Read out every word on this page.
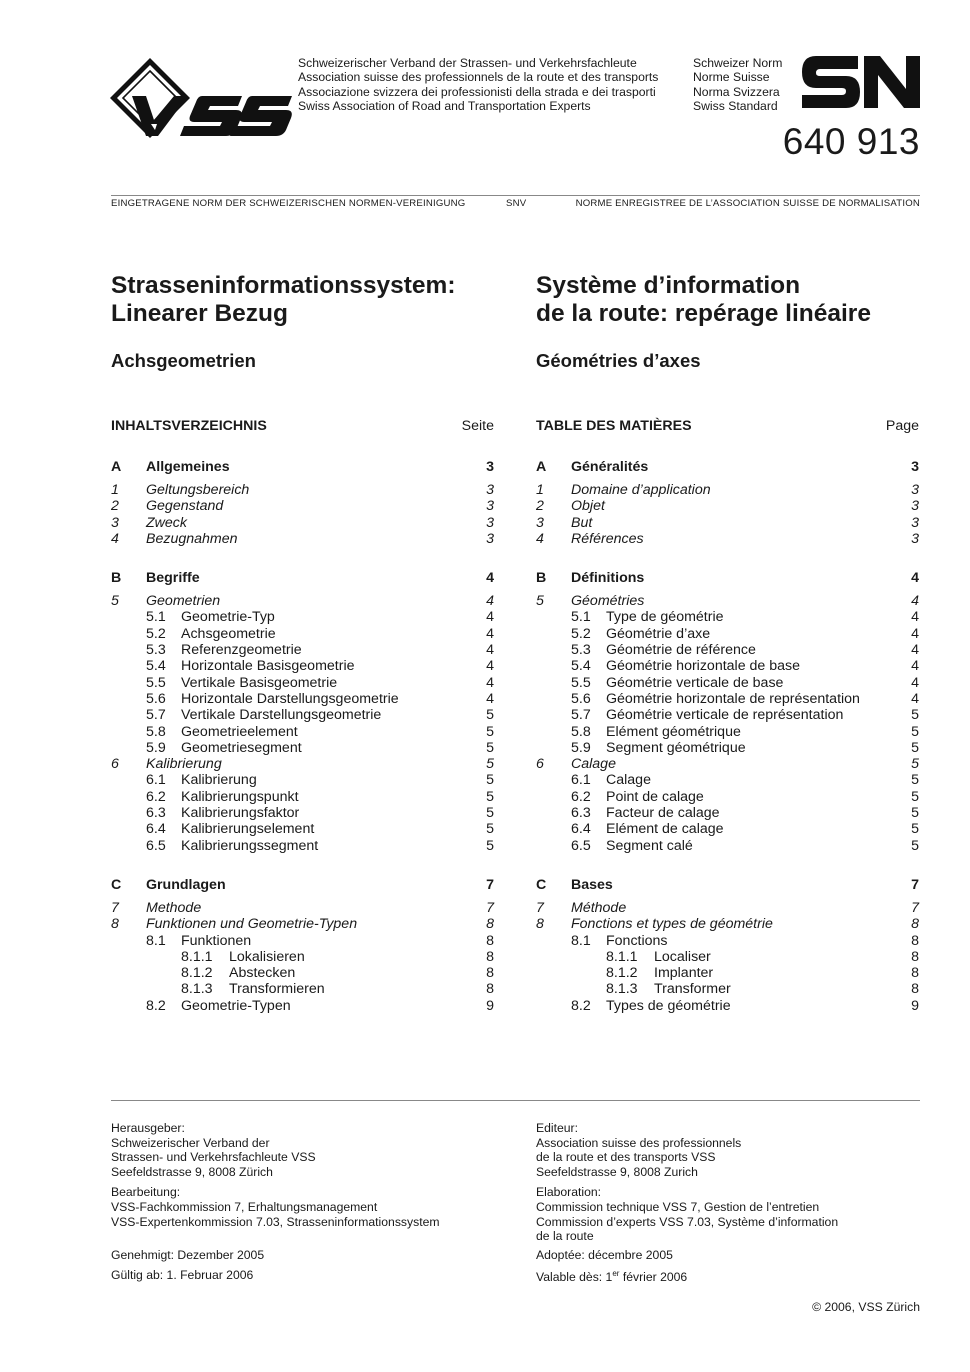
Schweizerischer Verband der Strassen- und Verkehrsfachleute
Association suisse des professionnels de la route et des transports
Associazione svizzera dei professionisti della strada e dei trasporti
Swiss Association of Road and Transportation Experts
Schweizer Norm
Norme Suisse
Norma Svizzera
Swiss Standard
640 913
EINGETRAGENE NORM DER SCHWEIZERISCHEN NORMEN-VEREINIGUNG	SNV	NORME ENREGISTREE DE L’ASSOCIATION SUISSE DE NORMALISATION
Strasseninformationssystem:
Linearer Bezug
Système d’information
de la route: repérage linéaire
Achsgeometrien	Géométries d’axes
INHALTSVERZEICHNIS	Seite
A	Allgemeines	3
1	Geltungsbereich	3
2	Gegenstand	3
3	Zweck	3
4	Bezugnahmen	3
B	Begriffe	4
5	Geometrien	4
5.1	Geometrie-Typ	4
5.2	Achsgeometrie	4
5.3	Referenzgeometrie	4
5.4	Horizontale Basisgeometrie	4
5.5	Vertikale Basisgeometrie	4
5.6	Horizontale Darstellungsgeometrie	4
5.7	Vertikale Darstellungsgeometrie	5
5.8	Geometrieelement	5
5.9	Geometriesegment	5
6	Kalibrierung	5
6.1	Kalibrierung	5
6.2	Kalibrierungspunkt	5
6.3	Kalibrierungsfaktor	5
6.4	Kalibrierungselement	5
6.5	Kalibrierungssegment	5
C	Grundlagen	7
7	Methode	7
8	Funktionen und Geometrie-Typen	8
8.1	Funktionen	8
8.1.1	Lokalisieren	8
8.1.2	Abstecken	8
8.1.3	Transformieren	8
8.2	Geometrie-Typen	9
TABLE DES MATIÈRES	Page
A	Généralités	3
1	Domaine d’application	3
2	Objet	3
3	But	3
4	Références	3
B	Définitions	4
5	Géométries	4
5.1	Type de géométrie	4
5.2	Géométrie d’axe	4
5.3	Géométrie de référence	4
5.4	Géométrie horizontale de base	4
5.5	Géométrie verticale de base	4
5.6	Géométrie horizontale de représentation	4
5.7	Géométrie verticale de représentation	5
5.8	Elément géométrique	5
5.9	Segment géométrique	5
6	Calage	5
6.1	Calage	5
6.2	Point de calage	5
6.3	Facteur de calage	5
6.4	Elément de calage	5
6.5	Segment calé	5
C	Bases	7
7	Méthode	7
8	Fonctions et types de géométrie	8
8.1	Fonctions	8
8.1.1	Localiser	8
8.1.2	Implanter	8
8.1.3	Transformer	8
8.2	Types de géométrie	9
Herausgeber:
Schweizerischer Verband der
Strassen- und Verkehrsfachleute VSS
Seefeldstrasse 9, 8008 Zürich
Bearbeitung:
VSS-Fachkommission 7, Erhaltungsmanagement
VSS-Expertenkommission 7.03, Strasseninformationssystem
Genehmigt: Dezember 2005
Gültig ab: 1. Februar 2006
Editeur:
Association suisse des professionnels
de la route et des transports VSS
Seefeldstrasse 9, 8008 Zurich
Elaboration:
Commission technique VSS 7, Gestion de l’entretien
Commission d’experts VSS 7.03, Système d’information
de la route
Adoptée: décembre 2005
Valable dès: 1er février 2006
© 2006, VSS Zürich
